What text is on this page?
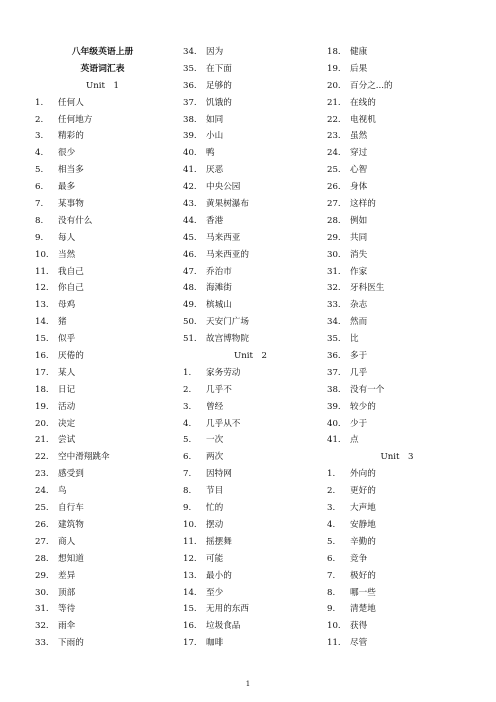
八年级英语上册
英语词汇表
Unit　1
1.	任何人
2.	任何地方
3.	精彩的
4.	很少
5.	相当多
6.	最多
7.	某事物
8.	没有什么
9.	每人
10.	当然
11.	我自己
12.	你自己
13.	母鸡
14.	猪
15.	似乎
16.	厌倦的
17.	某人
18.	日记
19.	活动
20.	决定
21.	尝试
22.	空中滑翔跳伞
23.	感受到
24.	鸟
25.	自行车
26.	建筑物
27.	商人
28.	想知道
29.	差异
30.	顶部
31.	等待
32.	雨伞
33.	下雨的
34.	因为
35.	在下面
36.	足够的
37.	饥饿的
38.	如同
39.	小山
40.	鸭
41.	厌恶
42.	中央公园
43.	黄果树瀑布
44.	香港
45.	马来西亚
46.	马来西亚的
47.	乔治市
48.	海滩街
49.	槟城山
50.	天安门广场
51.	故宫博物院
Unit　2
1.	家务劳动
2.	几乎不
3.	曾经
4.	几乎从不
5.	一次
6.	两次
7.	因特网
8.	节目
9.	忙的
10.	摆动
11.	摇摆舞
12.	可能
13.	最小的
14.	至少
15.	无用的东西
16.	垃圾食品
17.	咖啡
18.	健康
19.	后果
20.	百分之...的
21.	在线的
22.	电视机
23.	虽然
24.	穿过
25.	心智
26.	身体
27.	这样的
28.	例如
29.	共同
30.	消失
31.	作家
32.	牙科医生
33.	杂志
34.	然而
35.	比
36.	多于
37.	几乎
38.	没有一个
39.	较少的
40.	少于
41.	点
Unit　3
1.	外向的
2.	更好的
3.	大声地
4.	安静地
5.	辛勤的
6.	竞争
7.	极好的
8.	哪一些
9.	清楚地
10.	获得
11.	尽管
1
